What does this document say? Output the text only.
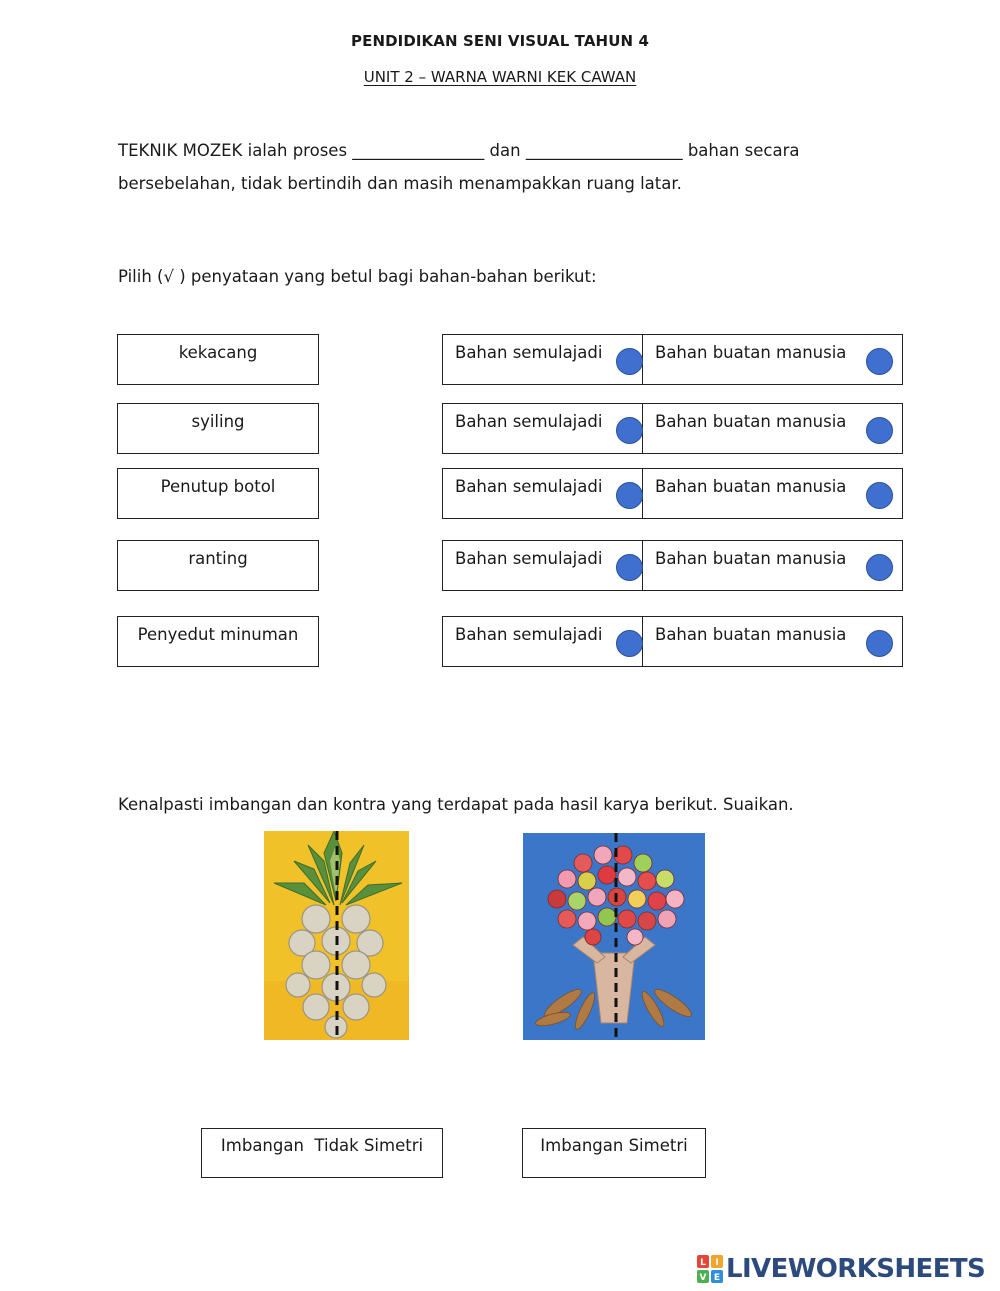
PENDIDIKAN SENI VISUAL TAHUN 4
UNIT 2 – WARNA WARNI KEK CAWAN
TEKNIK MOZEK ialah proses ________________ dan ___________________ bahan secara
bersebelahan, tidak bertindih dan masih menampakkan ruang latar.
Pilih (√ ) penyataan yang betul bagi bahan-bahan berikut:
kekacang	Bahan semulajadi	Bahan buatan manusia
syiling	Bahan semulajadi	Bahan buatan manusia
Penutup botol	Bahan semulajadi	Bahan buatan manusia
ranting	Bahan semulajadi	Bahan buatan manusia
Penyedut minuman	Bahan semulajadi	Bahan buatan manusia
Kenalpasti imbangan dan kontra yang terdapat pada hasil karya berikut. Suaikan.
Imbangan  Tidak Simetri	Imbangan Simetri
L I
V E LIVEWORKSHEETS
